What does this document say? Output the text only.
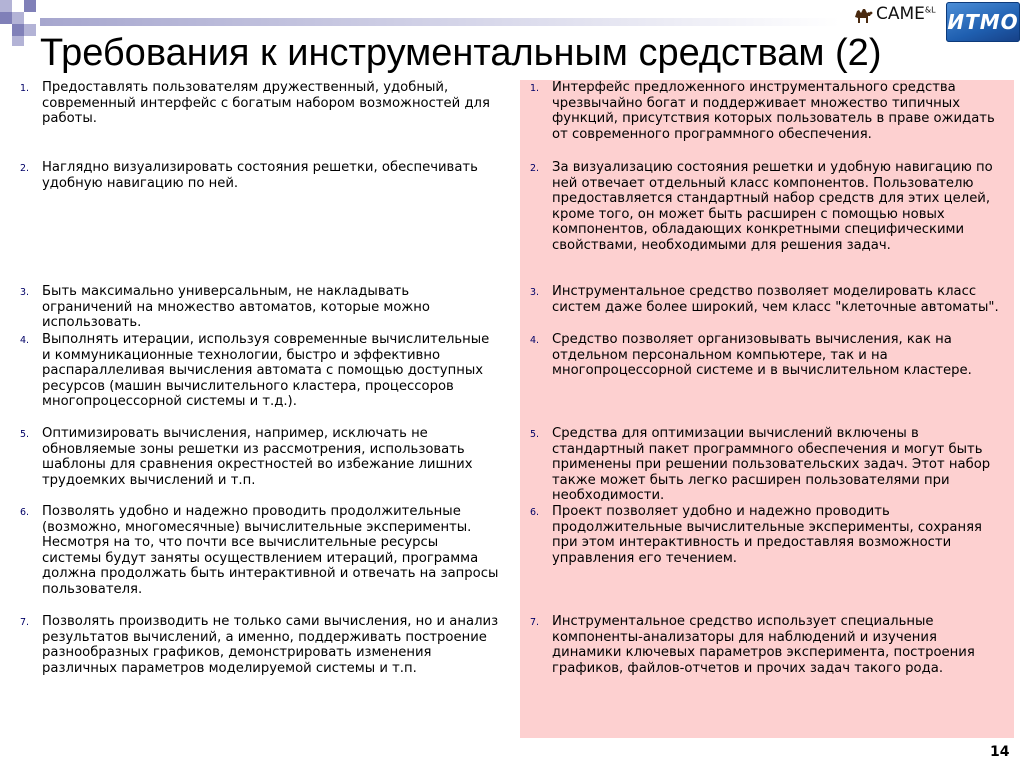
$CAME^{\&L}$
ИТМО
Требования к инструментальным средствам (2)
1. Предоставлять пользователям дружественный, удобный, современный интерфейс с богатым набором возможностей для работы.
2. Наглядно визуализировать состояния решетки, обеспечивать удобную навигацию по ней.
3. Быть максимально универсальным, не накладывать ограничений на множество автоматов, которые можно использовать.
4. Выполнять итерации, используя современные вычислительные и коммуникационные технологии, быстро и эффективно распараллеливая вычисления автомата с помощью доступных ресурсов (машин вычислительного кластера, процессоров многопроцессорной системы и т.д.).
5. Оптимизировать вычисления, например, исключать не обновляемые зоны решетки из рассмотрения, использовать шаблоны для сравнения окрестностей во избежание лишних трудоемких вычислений и т.п.
6. Позволять удобно и надежно проводить продолжительные (возможно, многомесячные) вычислительные эксперименты. Несмотря на то, что почти все вычислительные ресурсы системы будут заняты осуществлением итераций, программа должна продолжать быть интерактивной и отвечать на запросы пользователя.
7. Позволять производить не только сами вычисления, но и анализ результатов вычислений, а именно, поддерживать построение разнообразных графиков, демонстрировать изменения различных параметров моделируемой системы и т.п.
1. Интерфейс предложенного инструментального средства чрезвычайно богат и поддерживает множество типичных функций, присутствия которых пользователь в праве ожидать от современного программного обеспечения.
2. За визуализацию состояния решетки и удобную навигацию по ней отвечает отдельный класс компонентов. Пользователю предоставляется стандартный набор средств для этих целей, кроме того, он может быть расширен с помощью новых компонентов, обладающих конкретными специфическими свойствами, необходимыми для решения задач.
3. Инструментальное средство позволяет моделировать класс систем даже более широкий, чем класс "клеточные автоматы".
4. Средство позволяет организовывать вычисления, как на отдельном персональном компьютере, так и на многопроцессорной системе и в вычислительном кластере.
5. Средства для оптимизации вычислений включены в стандартный пакет программного обеспечения и могут быть применены при решении пользовательских задач. Этот набор также может быть легко расширен пользователями при необходимости.
6. Проект позволяет удобно и надежно проводить продолжительные вычислительные эксперименты, сохраняя при этом интерактивность и предоставляя возможности управления его течением.
7. Инструментальное средство использует специальные компоненты-анализаторы для наблюдений и изучения динамики ключевых параметров эксперимента, построения графиков, файлов-отчетов и прочих задач такого рода.
14
